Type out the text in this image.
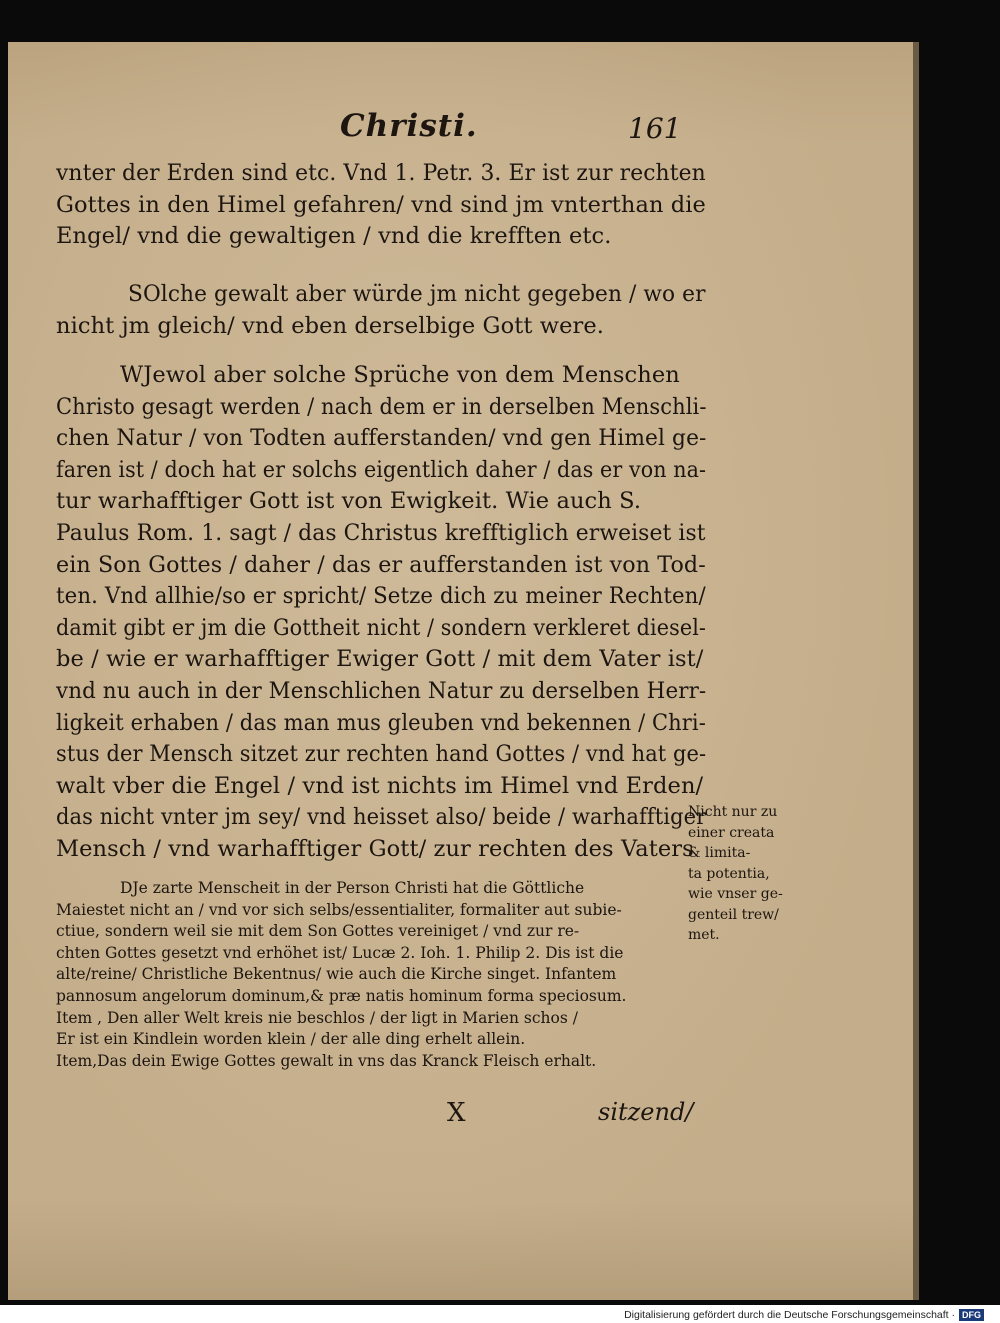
Christi.	161

vnter der Erden sind etc. Vnd 1. Petr. 3. Er ist zur rechten
Gottes in den Himel gefahren/ vnd sind jm vnterthan die
Engel/ vnd die gewaltigen / vnd die krefften etc.

SOlche gewalt aber würde jm nicht gegeben / wo er
nicht jm gleich/ vnd eben derselbige Gott were.

WJewol aber solche Sprüche von dem Menschen
Christo gesagt werden / nach dem er in derselben Menschli-
chen Natur / von Todten aufferstanden/ vnd gen Himel ge-
faren ist / doch hat er solchs eigentlich daher / das er von na-
tur warhafftiger Gott ist von Ewigkeit. Wie auch S.
Paulus Rom. 1. sagt / das Christus krefftiglich erweiset ist
ein Son Gottes / daher / das er aufferstanden ist von Tod-
ten. Vnd allhie/so er spricht/ Setze dich zu meiner Rechten/
damit gibt er jm die Gottheit nicht / sondern verkleret diesel-
be / wie er warhafftiger Ewiger Gott / mit dem Vater ist/
vnd nu auch in der Menschlichen Natur zu derselben Herr-
ligkeit erhaben / das man mus gleuben vnd bekennen / Chri-
stus der Mensch sitzet zur rechten hand Gottes / vnd hat ge-
walt vber die Engel / vnd ist nichts im Himel vnd Erden/
das nicht vnter jm sey/ vnd heisset also/ beide / warhafftiger
Mensch / vnd warhafftiger Gott/ zur rechten des Vaters

DJe zarte Menscheit in der Person Christi hat die Göttliche
Maiestet nicht an / vnd vor sich selbs/essentialiter, formaliter aut subie-
ctiue, sondern weil sie mit dem Son Gottes vereiniget / vnd zur re-
chten Gottes gesetzt vnd erhöhet ist/ Lucæ 2. Ioh. 1. Philip 2. Dis ist die
alte/reine/ Christliche Bekentnus/ wie auch die Kirche singet. Infantem
pannosum angelorum dominum,& præ natis hominum forma speciosum.
Item , Den aller Welt kreis nie beschlos / der ligt in Marien schos /
Er ist ein Kindlein worden klein / der alle ding erhelt allein.
Item,Das dein Ewige Gottes gewalt in vns das Kranck Fleisch erhalt.

Nicht nur zu
einer creata
& limita-
ta potentia,
wie vnser ge-
genteil trew/
met.

X	sitzend/
Digitalisierung gefördert durch die Deutsche Forschungsgemeinschaft · DFG
